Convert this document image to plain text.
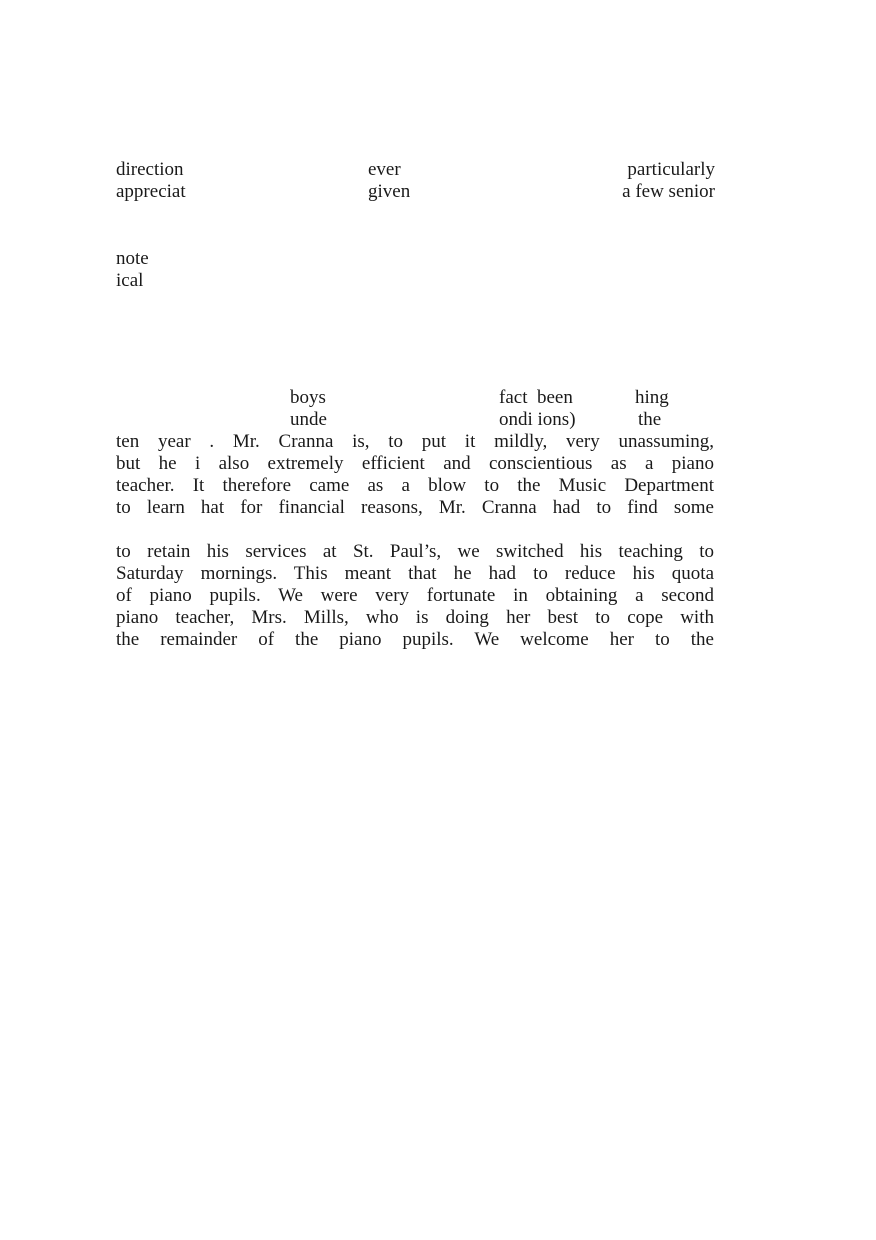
direction	ever	particularly
appreciat	given	a few senior
note
ical
boys	fact  been	hing
unde	ondi ions)	the
ten year . Mr. Cranna is, to put it mildly, very unassuming,
but he i also extremely efficient and conscientious as a piano
teacher. It therefore came as a blow to the Music Department
to learn hat for financial reasons, Mr. Cranna had to find some
to retain his services at St. Paul’s, we switched his teaching to
Saturday mornings. This meant that he had to reduce his quota
of piano pupils. We were very fortunate in obtaining a second
piano teacher, Mrs. Mills, who is doing her best to cope with
the remainder of the piano pupils. We welcome her to the
